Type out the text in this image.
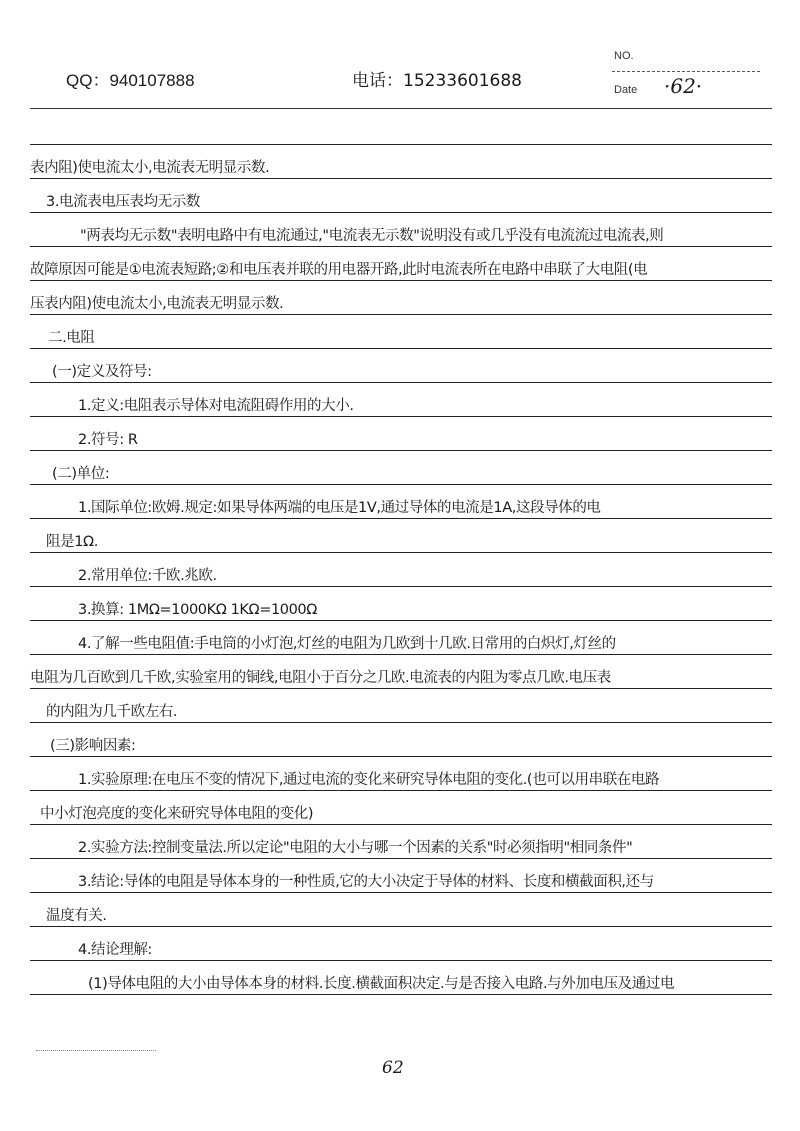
QQ：940107888	电话：15233601688
NO.
Date ·62·
表内阻)使电流太小,电流表无明显示数.
3.电流表电压表均无示数
"两表均无示数"表明电路中有电流通过,"电流表无示数"说明没有或几乎没有电流流过电流表,则
故障原因可能是①电流表短路;②和电压表并联的用电器开路,此时电流表所在电路中串联了大电阻(电
压表内阻)使电流太小,电流表无明显示数.
二.电阻
(一)定义及符号:
1.定义:电阻表示导体对电流阻碍作用的大小.
2.符号: R
(二)单位:
1.国际单位:欧姆.规定:如果导体两端的电压是1V,通过导体的电流是1A,这段导体的电
阻是1Ω.
2.常用单位:千欧.兆欧.
3.换算: 1MΩ=1000KΩ 1KΩ=1000Ω
4.了解一些电阻值:手电筒的小灯泡,灯丝的电阻为几欧到十几欧.日常用的白炽灯,灯丝的
电阻为几百欧到几千欧,实验室用的铜线,电阻小于百分之几欧.电流表的内阻为零点几欧.电压表
的内阻为几千欧左右.
(三)影响因素:
1.实验原理:在电压不变的情况下,通过电流的变化来研究导体电阻的变化.(也可以用串联在电路
中小灯泡亮度的变化来研究导体电阻的变化)
2.实验方法:控制变量法.所以定论"电阻的大小与哪一个因素的关系"时必须指明"相同条件"
3.结论:导体的电阻是导体本身的一种性质,它的大小决定于导体的材料、长度和横截面积,还与
温度有关.
4.结论理解:
(1)导体电阻的大小由导体本身的材料.长度.横截面积决定.与是否接入电路.与外加电压及通过电
62
